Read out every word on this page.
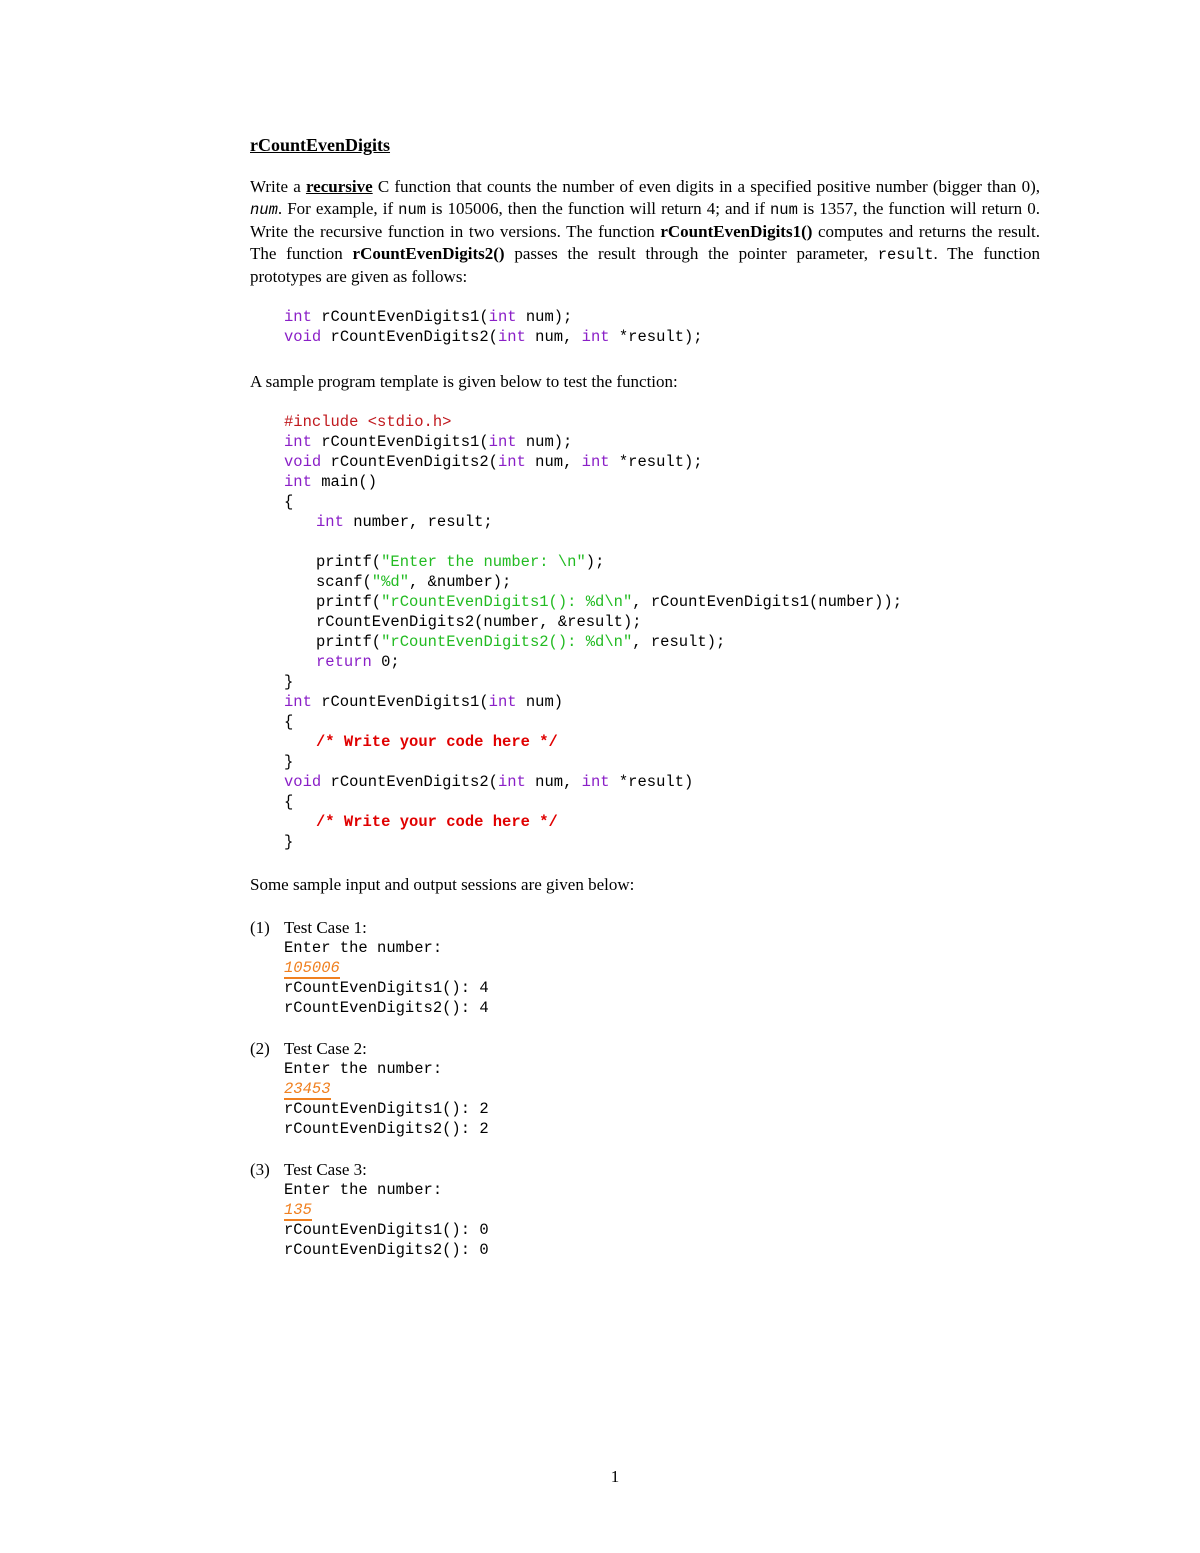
rCountEvenDigits

Write a recursive C function that counts the number of even digits in a specified positive number (bigger than 0), num. For example, if num is 105006, then the function will return 4; and if num is 1357, the function will return 0. Write the recursive function in two versions. The function rCountEvenDigits1() computes and returns the result. The function rCountEvenDigits2() passes the result through the pointer parameter, result. The function prototypes are given as follows:

int rCountEvenDigits1(int num);
void rCountEvenDigits2(int num, int *result);

A sample program template is given below to test the function:

#include <stdio.h>
int rCountEvenDigits1(int num);
void rCountEvenDigits2(int num, int *result);
int main()
{
int number, result;
printf("Enter the number: \n");
scanf("%d", &number);
printf("rCountEvenDigits1(): %d\n", rCountEvenDigits1(number));
rCountEvenDigits2(number, &result);
printf("rCountEvenDigits2(): %d\n", result);
return 0;
}
int rCountEvenDigits1(int num)
{
/* Write your code here */
}
void rCountEvenDigits2(int num, int *result)
{
/* Write your code here */
}

Some sample input and output sessions are given below:

(1) Test Case 1:
Enter the number:
105006
rCountEvenDigits1(): 4
rCountEvenDigits2(): 4
(2) Test Case 2:
Enter the number:
23453
rCountEvenDigits1(): 2
rCountEvenDigits2(): 2
(3) Test Case 3:
Enter the number:
135
rCountEvenDigits1(): 0
rCountEvenDigits2(): 0
1
